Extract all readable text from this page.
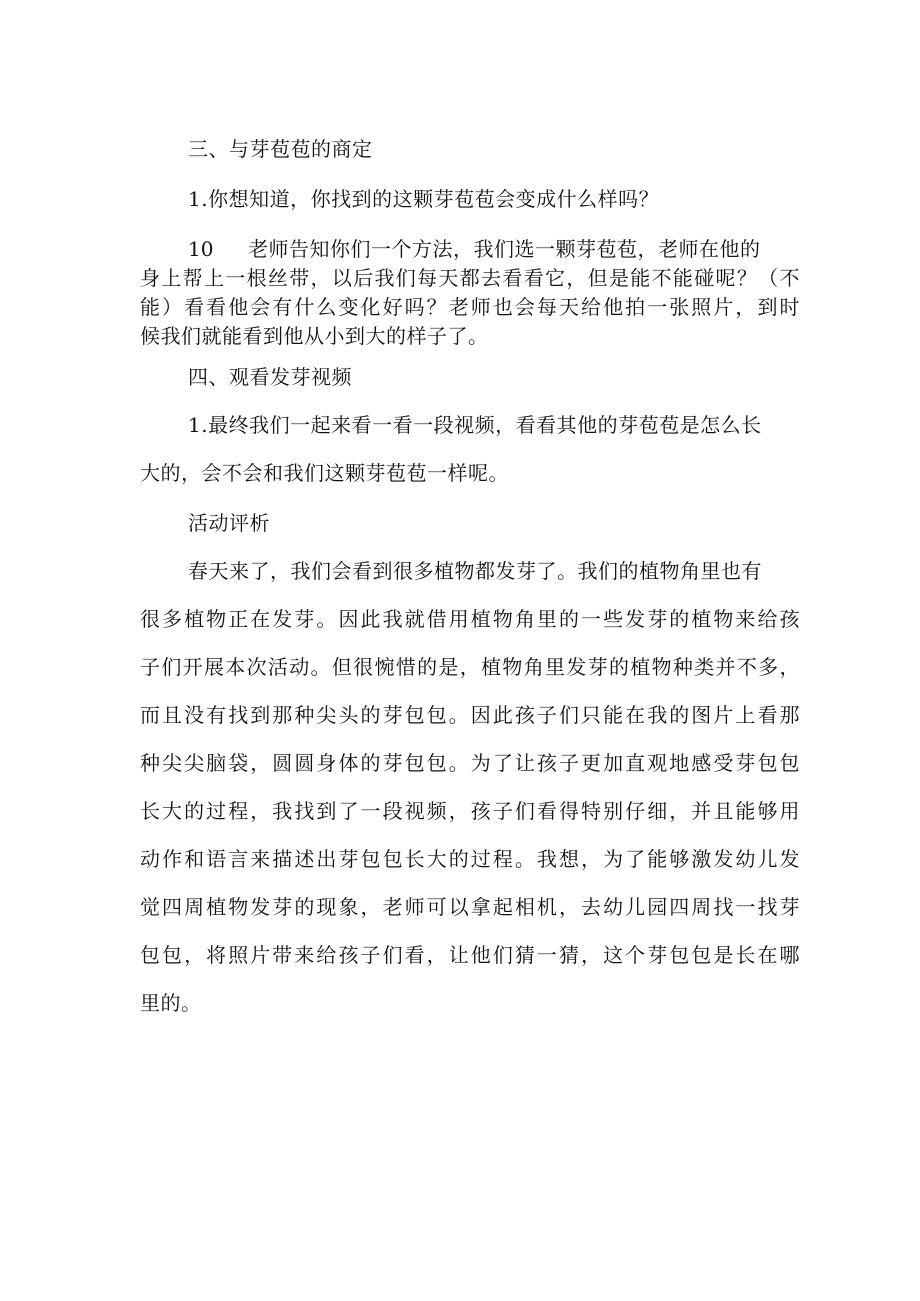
三、与芽苞苞的商定
1.你想知道，你找到的这颗芽苞苞会变成什么样吗？
10 老师告知你们一个方法，我们选一颗芽苞苞，老师在他的
身上帮上一根丝带，以后我们每天都去看看它，但是能不能碰呢？（不
能）看看他会有什么变化好吗？老师也会每天给他拍一张照片，到时
候我们就能看到他从小到大的样子了。
四、观看发芽视频
1.最终我们一起来看一看一段视频，看看其他的芽苞苞是怎么长
大的，会不会和我们这颗芽苞苞一样呢。
活动评析
春天来了，我们会看到很多植物都发芽了。我们的植物角里也有
很多植物正在发芽。因此我就借用植物角里的一些发芽的植物来给孩
子们开展本次活动。但很惋惜的是，植物角里发芽的植物种类并不多，
而且没有找到那种尖头的芽包包。因此孩子们只能在我的图片上看那
种尖尖脑袋，圆圆身体的芽包包。为了让孩子更加直观地感受芽包包
长大的过程，我找到了一段视频，孩子们看得特别仔细，并且能够用
动作和语言来描述出芽包包长大的过程。我想，为了能够激发幼儿发
觉四周植物发芽的现象，老师可以拿起相机，去幼儿园四周找一找芽
包包，将照片带来给孩子们看，让他们猜一猜，这个芽包包是长在哪
里的。
